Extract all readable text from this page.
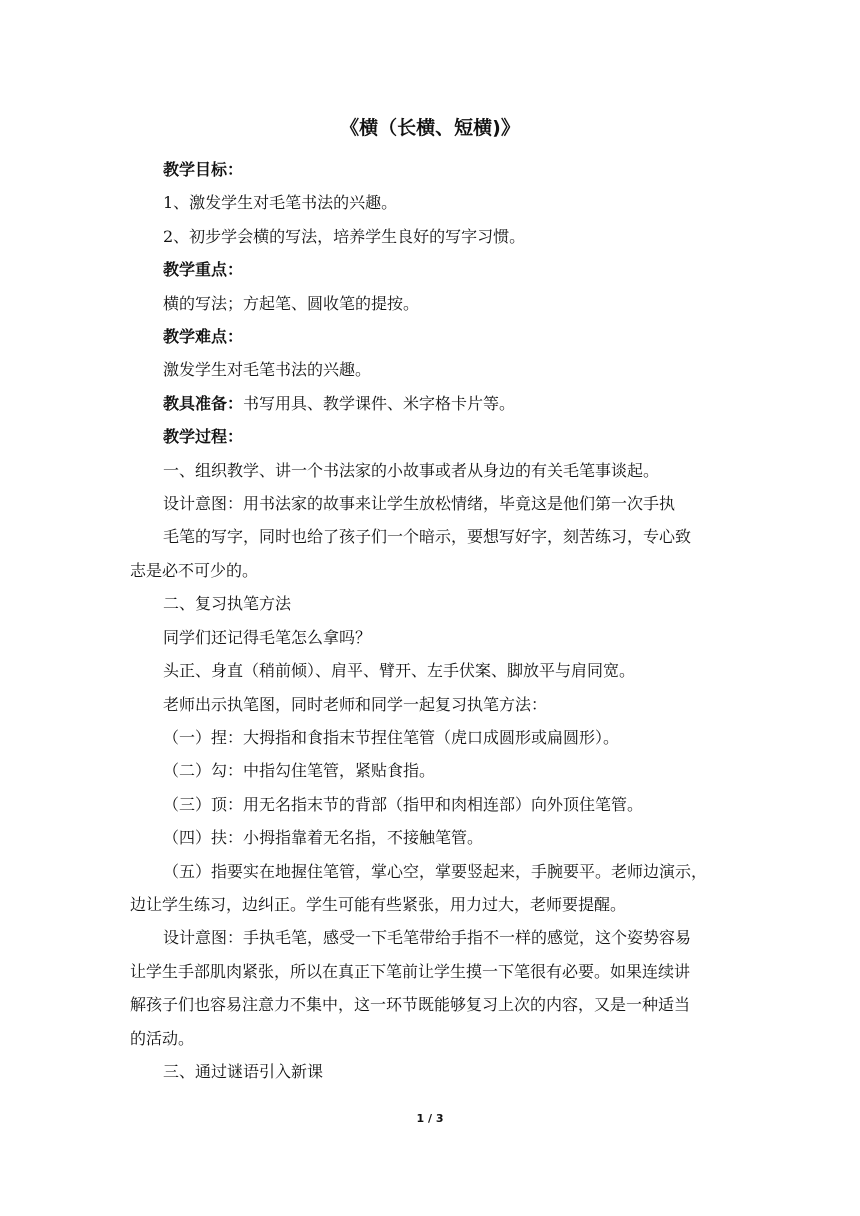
《横（长横、短横)》

教学目标：

1、激发学生对毛笔书法的兴趣。

2、初步学会横的写法，培养学生良好的写字习惯。

教学重点：

横的写法；方起笔、圆收笔的提按。

教学难点：

激发学生对毛笔书法的兴趣。

教具准备：书写用具、教学课件、米字格卡片等。

教学过程：

一、组织教学、讲一个书法家的小故事或者从身边的有关毛笔事谈起。

设计意图：用书法家的故事来让学生放松情绪，毕竟这是他们第一次手执

毛笔的写字，同时也给了孩子们一个暗示，要想写好字，刻苦练习，专心致

志是必不可少的。

二、复习执笔方法

同学们还记得毛笔怎么拿吗？

头正、身直（稍前倾）、肩平、臂开、左手伏案、脚放平与肩同宽。

老师出示执笔图，同时老师和同学一起复习执笔方法：

（一）捏：大拇指和食指末节捏住笔管（虎口成圆形或扁圆形）。

（二）勾：中指勾住笔管，紧贴食指。

（三）顶：用无名指末节的背部（指甲和肉相连部）向外顶住笔管。

（四）扶：小拇指靠着无名指，不接触笔管。

（五）指要实在地握住笔管，掌心空，掌要竖起来，手腕要平。老师边演示，

边让学生练习，边纠正。学生可能有些紧张，用力过大，老师要提醒。

设计意图：手执毛笔，感受一下毛笔带给手指不一样的感觉，这个姿势容易

让学生手部肌肉紧张，所以在真正下笔前让学生摸一下笔很有必要。如果连续讲

解孩子们也容易注意力不集中，这一环节既能够复习上次的内容，又是一种适当

的活动。

三、通过谜语引入新课

1 / 3
